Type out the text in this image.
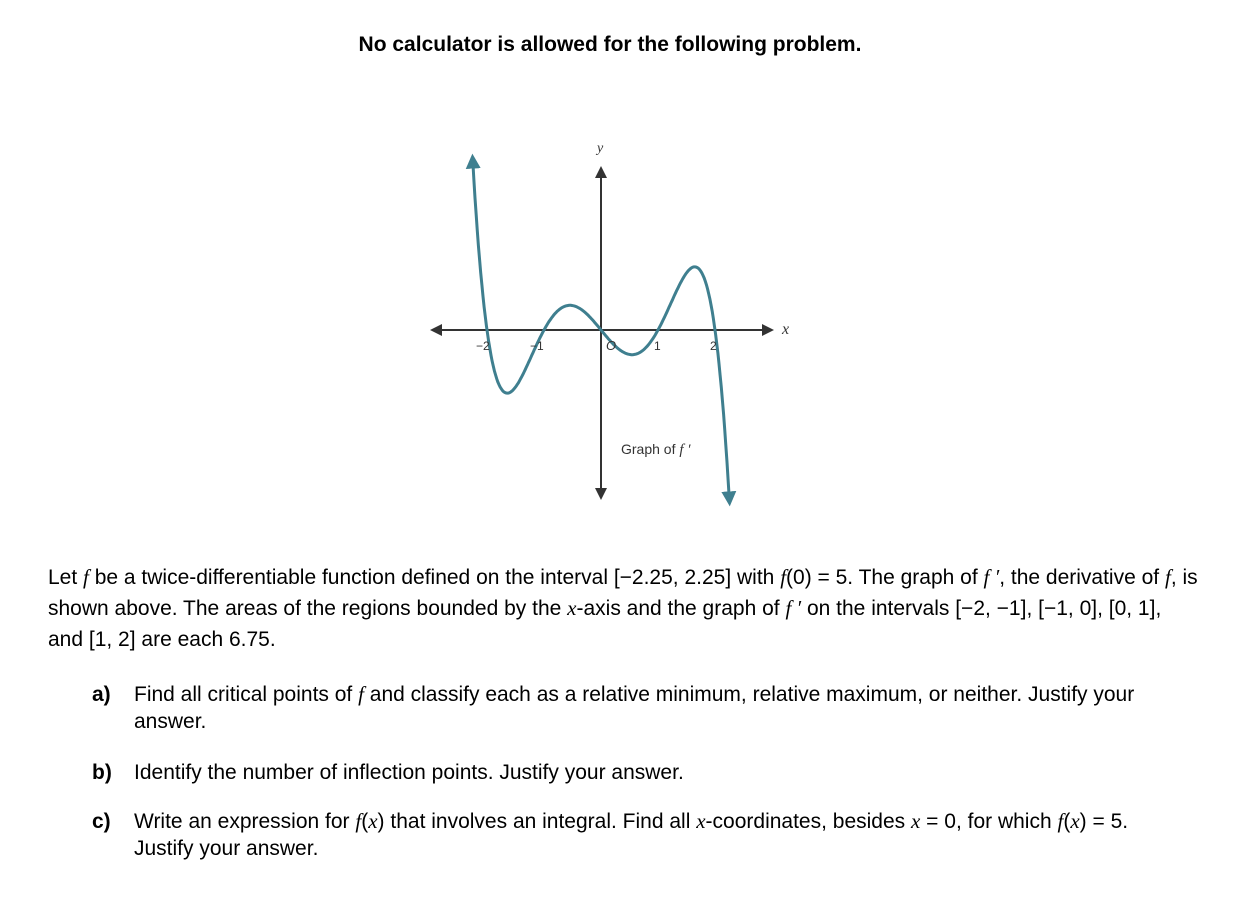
No calculator is allowed for the following problem.
y
x
O
−2	−1	1	2
Graph of f ′
Let f be a twice-differentiable function defined on the interval [−2.25, 2.25] with f(0) = 5. The graph of f ′, the derivative of f, is shown above. The areas of the regions bounded by the x-axis and the graph of f ′ on the intervals [−2, −1], [−1, 0], [0, 1], and [1, 2] are each 6.75.
a) Find all critical points of f and classify each as a relative minimum, relative maximum, or neither. Justify your answer.
b) Identify the number of inflection points. Justify your answer.
c) Write an expression for f(x) that involves an integral. Find all x-coordinates, besides x = 0, for which f(x) = 5. Justify your answer.
